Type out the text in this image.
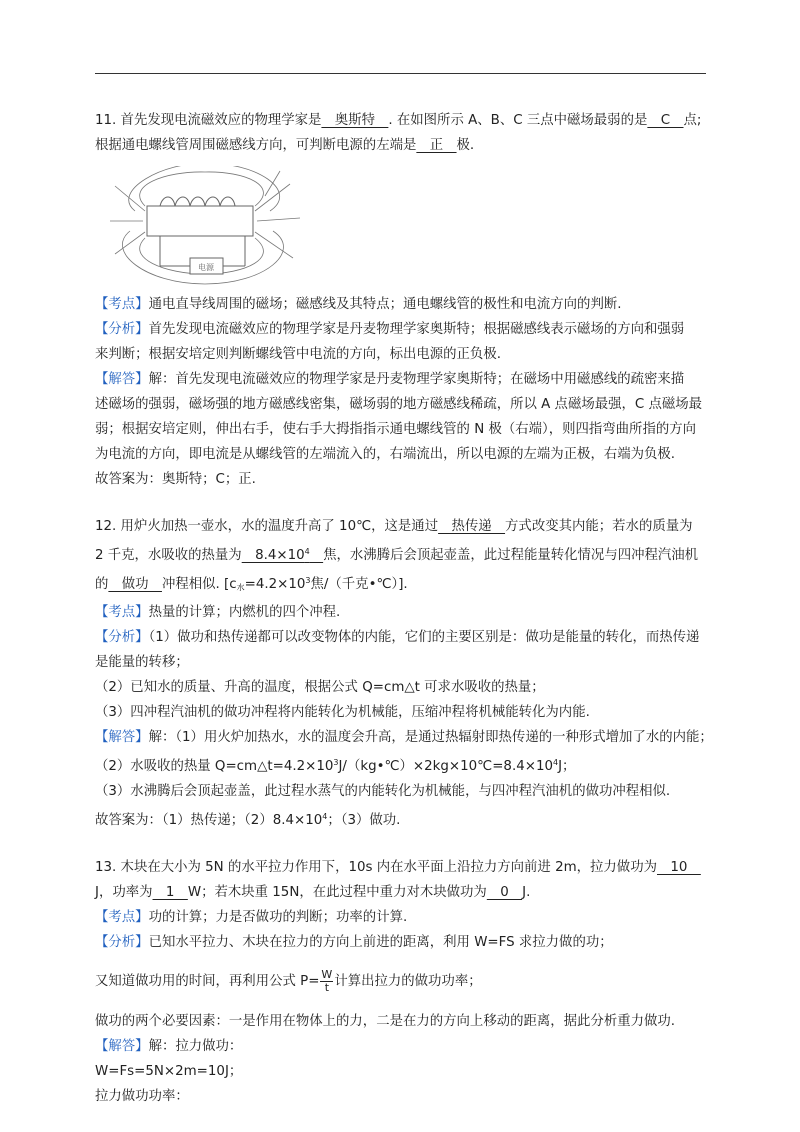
11. 首先发现电流磁效应的物理学家是　奥斯特　. 在如图所示 A、B、C 三点中磁场最弱的是　C　点;
根据通电螺线管周围磁感线方向，可判断电源的左端是　正　极.
电源
【考点】通电直导线周围的磁场；磁感线及其特点；通电螺线管的极性和电流方向的判断.
【分析】首先发现电流磁效应的物理学家是丹麦物理学家奥斯特；根据磁感线表示磁场的方向和强弱
来判断；根据安培定则判断螺线管中电流的方向，标出电源的正负极.
【解答】解：首先发现电流磁效应的物理学家是丹麦物理学家奥斯特；在磁场中用磁感线的疏密来描
述磁场的强弱，磁场强的地方磁感线密集，磁场弱的地方磁感线稀疏，所以 A 点磁场最强，C 点磁场最
弱；根据安培定则，伸出右手，使右手大拇指指示通电螺线管的 N 极（右端），则四指弯曲所指的方向
为电流的方向，即电流是从螺线管的左端流入的，右端流出，所以电源的左端为正极，右端为负极.
故答案为：奥斯特；C；正.
12. 用炉火加热一壶水，水的温度升高了 10℃，这是通过　热传递　方式改变其内能；若水的质量为
2 千克，水吸收的热量为　$8.4\times 10^4$　 焦，水沸腾后会顶起壶盖，此过程能量转化情况与四冲程汽油机
的　做功　冲程相似. [$c_水=4.2\times 10^3$焦/（千克•℃）].
【考点】热量的计算；内燃机的四个冲程.
【分析】（1）做功和热传递都可以改变物体的内能，它们的主要区别是：做功是能量的转化，而热传递
是能量的转移；
（2）已知水的质量、升高的温度，根据公式 Q=cm△t 可求水吸收的热量；
（3）四冲程汽油机的做功冲程将内能转化为机械能，压缩冲程将机械能转化为内能.
【解答】解：（1）用火炉加热水，水的温度会升高，是通过热辐射即热传递的一种形式增加了水的内能；
（2）水吸收的热量 $Q=cm\triangle t=4.2\times 10^3J/(kg•℃)\times 2kg\times 10℃=8.4\times 10^4J$；
（3）水沸腾后会顶起壶盖，此过程水蒸气的内能转化为机械能，与四冲程汽油机的做功冲程相似.
故答案为：（1）热传递；$(2)8.4\times 10^4$；（3）做功.
13. 木块在大小为 5N 的水平拉力作用下，10s 内在水平面上沿拉力方向前进 2m，拉力做功为　10　
J，功率为　1　W；若木块重 15N，在此过程中重力对木块做功为　0　J.
【考点】功的计算；力是否做功的判断；功率的计算.
【分析】已知水平拉力、木块在拉力的方向上前进的距离，利用 W=FS 求拉力做的功；
又知道做功用的时间，再利用公式 $P= \frac{W}{t}$ 计算出拉力的做功功率；
做功的两个必要因素：一是作用在物体上的力，二是在力的方向上移动的距离，据此分析重力做功.
【解答】解：拉力做功：
W=Fs=5N×2m=10J；
拉力做功功率：
